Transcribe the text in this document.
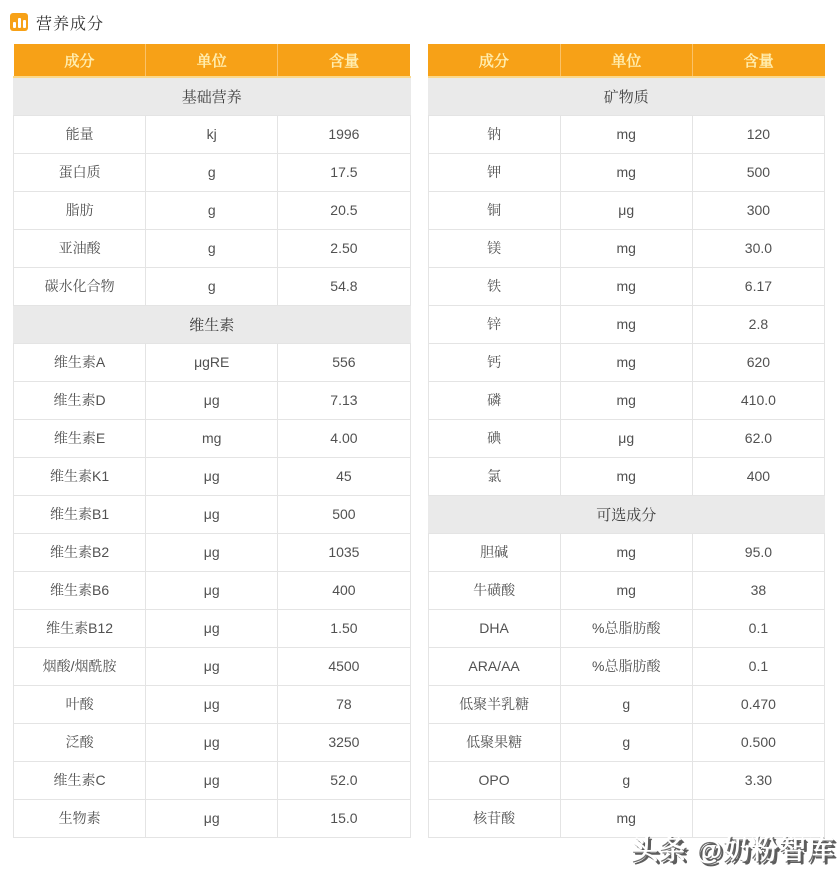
营养成分
成分	单位	含量
基础营养		
能量	kj	1996
蛋白质	g	17.5
脂肪	g	20.5
亚油酸	g	2.50
碳水化合物	g	54.8
维生素		
维生素A	μgRE	556
维生素D	μg	7.13
维生素E	mg	4.00
维生素K1	μg	45
维生素B1	μg	500
维生素B2	μg	1035
维生素B6	μg	400
维生素B12	μg	1.50
烟酸/烟酰胺	μg	4500
叶酸	μg	78
泛酸	μg	3250
维生素C	μg	52.0
生物素	μg	15.0
成分	单位	含量
矿物质		
钠	mg	120
钾	mg	500
铜	μg	300
镁	mg	30.0
铁	mg	6.17
锌	mg	2.8
钙	mg	620
磷	mg	410.0
碘	μg	62.0
氯	mg	400
可选成分		
胆碱	mg	95.0
牛磺酸	mg	38
DHA	%总脂肪酸	0.1
ARA/AA	%总脂肪酸	0.1
低聚半乳糖	g	0.470
低聚果糖	g	0.500
OPO	g	3.30
核苷酸	mg	
头条 @奶粉智库
